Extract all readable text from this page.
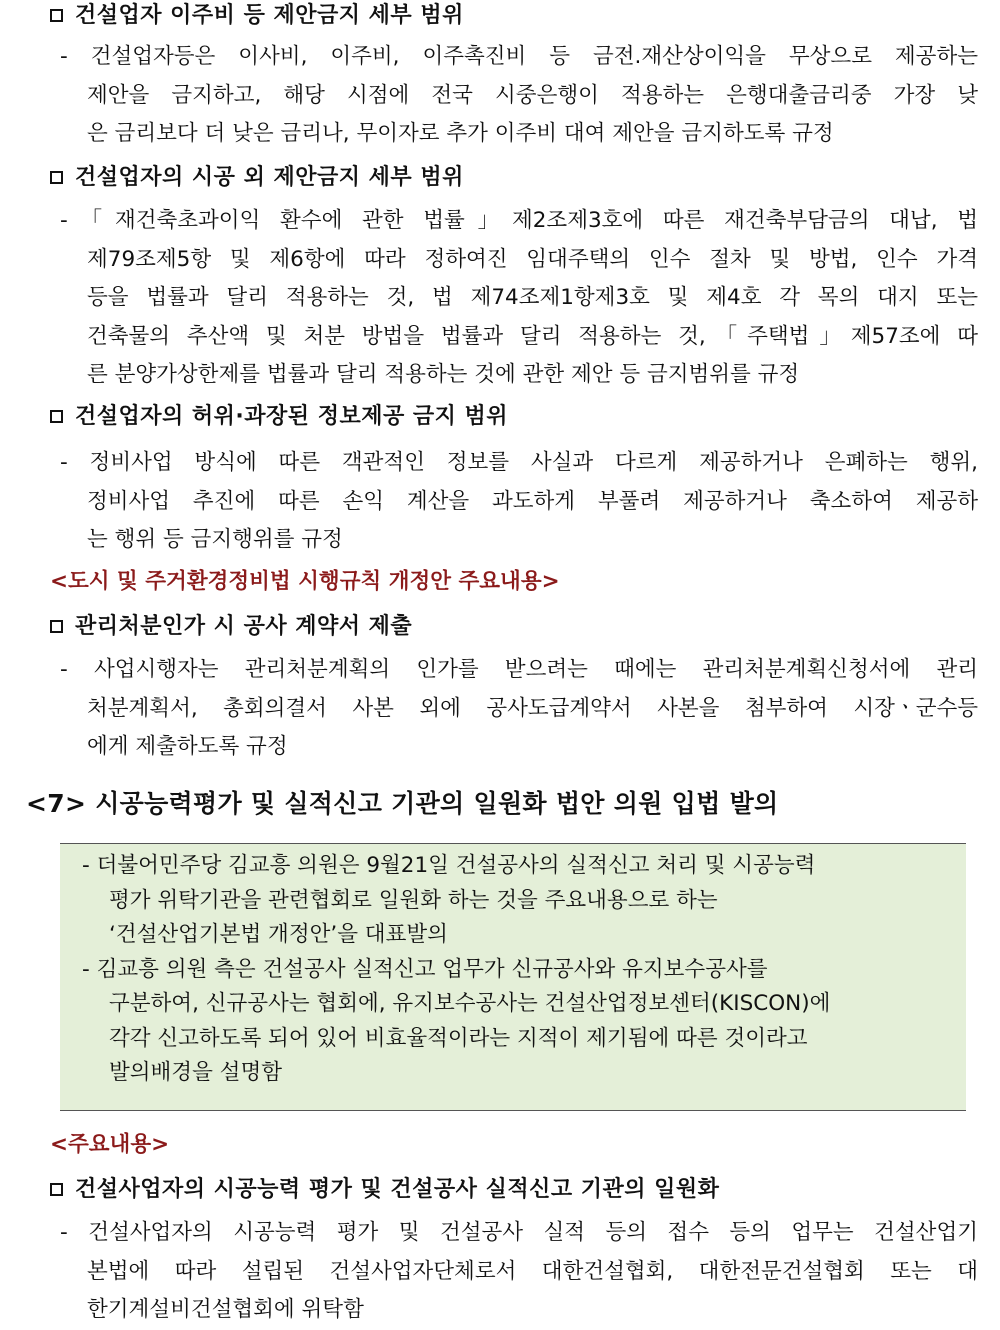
건설업자 이주비 등 제안금지 세부 범위
- 건설업자등은 이사비, 이주비, 이주촉진비 등 금전.재산상이익을 무상으로 제공하는
제안을 금지하고, 해당 시점에 전국 시중은행이 적용하는 은행대출금리중 가장 낮
은 금리보다 더 낮은 금리나, 무이자로 추가 이주비 대여 제안을 금지하도록 규정
건설업자의 시공 외 제안금지 세부 범위
-「재건축초과이익 환수에 관한 법률」제2조제3호에 따른 재건축부담금의 대납, 법
제79조제5항 및 제6항에 따라 정하여진 임대주택의 인수 절차 및 방법, 인수 가격
등을 법률과 달리 적용하는 것, 법 제74조제1항제3호 및 제4호 각 목의 대지 또는
건축물의 추산액 및 처분 방법을 법률과 달리 적용하는 것,「주택법」제57조에 따
른 분양가상한제를 법률과 달리 적용하는 것에 관한 제안 등 금지범위를 규정
건설업자의 허위·과장된 정보제공 금지 범위
- 정비사업 방식에 따른 객관적인 정보를 사실과 다르게 제공하거나 은폐하는 행위,
정비사업 추진에 따른 손익 계산을 과도하게 부풀려 제공하거나 축소하여 제공하
는 행위 등 금지행위를 규정
<도시 및 주거환경정비법 시행규칙 개정안 주요내용>
관리처분인가 시 공사 계약서 제출
- 사업시행자는 관리처분계획의 인가를 받으려는 때에는 관리처분계획신청서에 관리
처분계획서, 총회의결서 사본 외에 공사도급계약서 사본을 첨부하여 시장ㆍ군수등
에게 제출하도록 규정
<7> 시공능력평가 및 실적신고 기관의 일원화 법안 의원 입법 발의
- 더불어민주당 김교흥 의원은 9월21일 건설공사의 실적신고 처리 및 시공능력
평가 위탁기관을 관련협회로 일원화 하는 것을 주요내용으로 하는
‘건설산업기본법 개정안’을 대표발의
- 김교흥 의원 측은 건설공사 실적신고 업무가 신규공사와 유지보수공사를
구분하여, 신규공사는 협회에, 유지보수공사는 건설산업정보센터(KISCON)에
각각 신고하도록 되어 있어 비효율적이라는 지적이 제기됨에 따른 것이라고
발의배경을 설명함
<주요내용>
건설사업자의 시공능력 평가 및 건설공사 실적신고 기관의 일원화
- 건설사업자의 시공능력 평가 및 건설공사 실적 등의 접수 등의 업무는 건설산업기
본법에 따라 설립된 건설사업자단체로서 대한건설협회, 대한전문건설협회 또는 대
한기계설비건설협회에 위탁함
